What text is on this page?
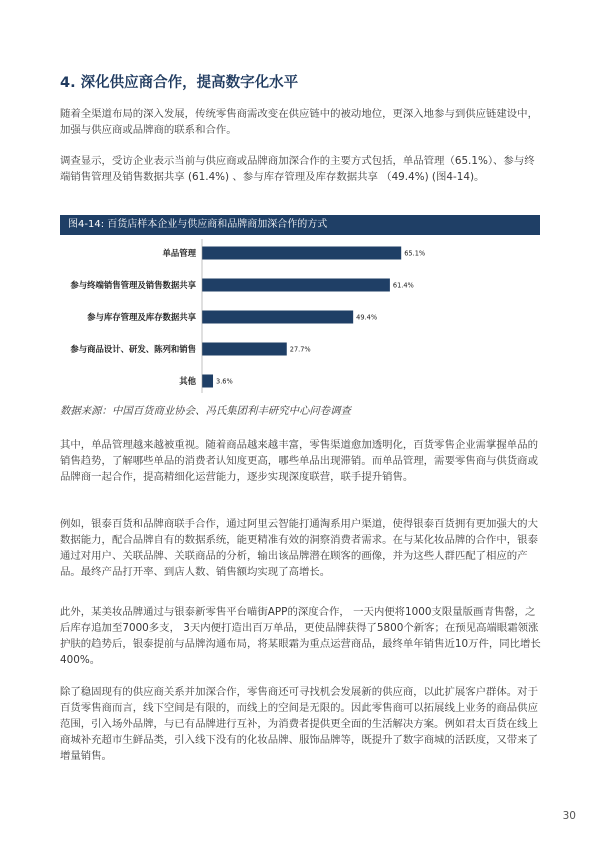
4. 深化供应商合作，提高数字化水平

随着全渠道布局的深入发展，传统零售商需改变在供应链中的被动地位，更深入地参与到供应链建设中，加强与供应商或品牌商的联系和合作。

调查显示，受访企业表示当前与供应商或品牌商加深合作的主要方式包括，单品管理（65.1%）、参与终端销售管理及销售数据共享 (61.4%) 、参与库存管理及库存数据共享 （49.4%) (图4-14)。

图4-14: 百货店样本企业与供应商和品牌商加深合作的方式
单品管理	65.1%
参与终端销售管理及销售数据共享	61.4%
参与库存管理及库存数据共享	49.4%
参与商品设计、研发、陈列和销售	27.7%
其他	3.6%

数据来源：中国百货商业协会、冯氏集团利丰研究中心问卷调查

其中，单品管理越来越被重视。随着商品越来越丰富，零售渠道愈加透明化，百货零售企业需掌握单品的销售趋势，了解哪些单品的消费者认知度更高，哪些单品出现滞销。而单品管理，需要零售商与供货商或品牌商一起合作，提高精细化运营能力，逐步实现深度联营，联手提升销售。

例如，银泰百货和品牌商联手合作，通过阿里云智能打通淘系用户渠道，使得银泰百货拥有更加强大的大数据能力，配合品牌自有的数据系统，能更精准有效的洞察消费者需求。在与某化妆品牌的合作中，银泰通过对用户、关联品牌、关联商品的分析，输出该品牌潜在顾客的画像，并为这些人群匹配了相应的产品。最终产品打开率、到店人数、销售额均实现了高增长。

此外，某美妆品牌通过与银泰新零售平台喵街APP的深度合作， 一天内便将1000支限量版画青售罄，之后库存追加至7000多支， 3天内便打造出百万单品，更使品牌获得了5800个新客；在预见高端眼霜领涨护肤的趋势后，银泰提前与品牌沟通布局，将某眼霜为重点运营商品，最终单年销售近10万件，同比增长400%。

除了稳固现有的供应商关系并加深合作，零售商还可寻找机会发展新的供应商，以此扩展客户群体。对于百货零售商而言，线下空间是有限的，而线上的空间是无限的。因此零售商可以拓展线上业务的商品供应范围，引入场外品牌，与已有品牌进行互补，为消费者提供更全面的生活解决方案。例如君太百货在线上商城补充超市生鲜品类，引入线下没有的化妆品牌、服饰品牌等，既提升了数字商城的活跃度，又带来了增量销售。

30
